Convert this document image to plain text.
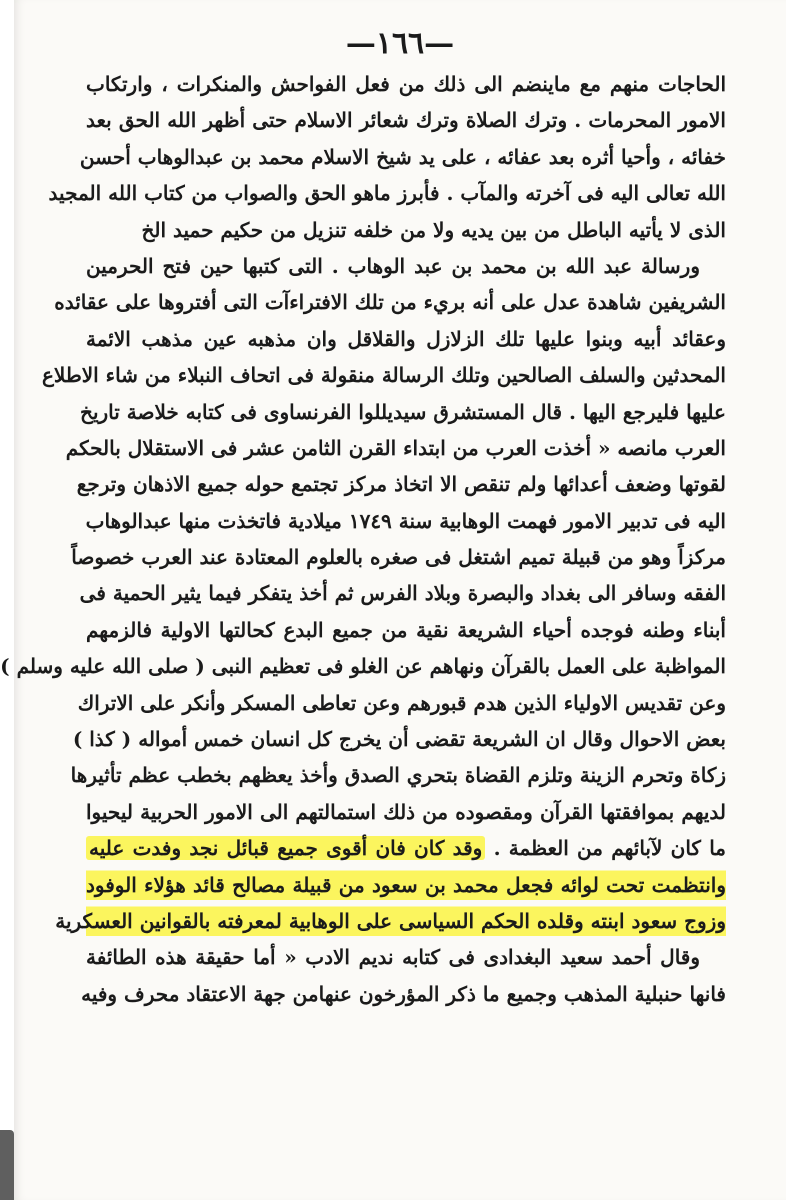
—١٦٦—
الحاجات منهم مع ماينضم الى ذلك من فعل الفواحش والمنكرات ، وارتكاب
الامور المحرمات . وترك الصلاة وترك شعائر الاسلام حتى أظهر الله الحق بعد
خفائه ، وأحيا أثره بعد عفائه ، على يد شيخ الاسلام محمد بن عبدالوهاب أحسن
الله تعالى اليه فى آخرته والمآب . فأبرز ماهو الحق والصواب من كتاب الله المجيد
الذى لا يأتيه الباطل من بين يديه ولا من خلفه تنزيل من حكيم حميد الخ
ورسالة عبد الله بن محمد بن عبد الوهاب . التى كتبها حين فتح الحرمين
الشريفين شاهدة عدل على أنه بريء من تلك الافتراءآت التى أفتروها على عقائده
وعقائد أبيه وبنوا عليها تلك الزلازل والقلاقل وان مذهبه عين مذهب الائمة
المحدثين والسلف الصالحين وتلك الرسالة منقولة فى اتحاف النبلاء من شاء الاطلاع
عليها فليرجع اليها . قال المستشرق سيديللوا الفرنساوى فى كتابه خلاصة تاريخ
العرب مانصه « أخذت العرب من ابتداء القرن الثامن عشر فى الاستقلال بالحكم
لقوتها وضعف أعدائها ولم تنقص الا اتخاذ مركز تجتمع حوله جميع الاذهان وترجع
اليه فى تدبير الامور فهمت الوهابية سنة ١٧٤٩ ميلادية فاتخذت منها عبدالوهاب
مركزاً وهو من قبيلة تميم اشتغل فى صغره بالعلوم المعتادة عند العرب خصوصاً
الفقه وسافر الى بغداد والبصرة وبلاد الفرس ثم أخذ يتفكر فيما يثير الحمية فى
أبناء وطنه فوجده أحياء الشريعة نقية من جميع البدع كحالتها الاولية فالزمهم
المواظبة على العمل بالقرآن ونهاهم عن الغلو فى تعظيم النبى ( صلى الله عليه وسلم )
وعن تقديس الاولياء الذين هدم قبورهم وعن تعاطى المسكر وأنكر على الاتراك
بعض الاحوال وقال ان الشريعة تقضى أن يخرج كل انسان خمس أمواله ( كذا )
زكاة وتحرم الزينة وتلزم القضاة بتحري الصدق وأخذ يعظهم بخطب عظم تأثيرها
لديهم بموافقتها القرآن ومقصوده من ذلك استمالتهم الى الامور الحربية ليحيوا
ما كان لآبائهم من العظمة . وقد كان فان أقوى جميع قبائل نجد وفدت عليه
وانتظمت تحت لوائه فجعل محمد بن سعود من قبيلة مصالح قائد هؤلاء الوفود
وزوج سعود ابنته وقلده الحكم السياسى على الوهابية لمعرفته بالقوانين العسكرية
وقال أحمد سعيد البغدادى فى كتابه نديم الادب « أما حقيقة هذه الطائفة
فانها حنبلية المذهب وجميع ما ذكر المؤرخون عنهامن جهة الاعتقاد محرف وفيه
